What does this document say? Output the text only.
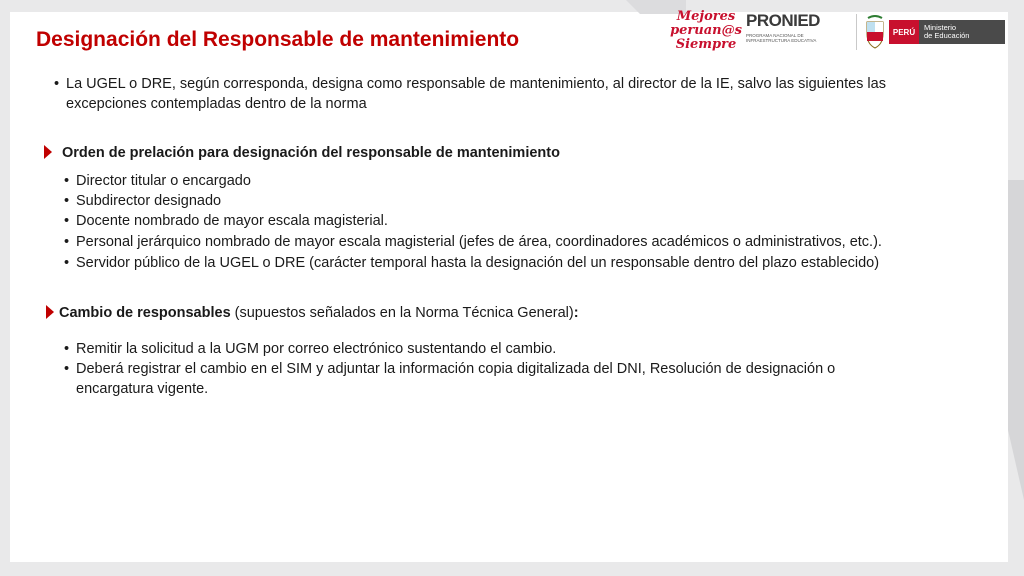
Designación del Responsable de mantenimiento
Mejores
peruan@s
Siempre
PRONIED
PROGRAMA NACIONAL DE INFRAESTRUCTURA EDUCATIVA
PERÚ	Ministerio
de Educación
• La UGEL o DRE, según corresponda, designa como responsable de mantenimiento, al director de la IE, salvo las siguientes las
excepciones contempladas dentro de la norma
Orden de prelación para designación del responsable de mantenimiento
• Director titular o encargado
• Subdirector designado
• Docente nombrado de mayor escala magisterial.
• Personal jerárquico nombrado de mayor escala magisterial (jefes de área, coordinadores académicos o administrativos, etc.).
• Servidor público de la UGEL o DRE (carácter temporal hasta la designación del un responsable dentro del plazo establecido)
Cambio de responsables (supuestos señalados en la Norma Técnica General):
• Remitir la solicitud a la UGM por correo electrónico sustentando el cambio.
• Deberá registrar el cambio en el SIM y adjuntar la información copia digitalizada del DNI, Resolución de designación o
encargatura vigente.
